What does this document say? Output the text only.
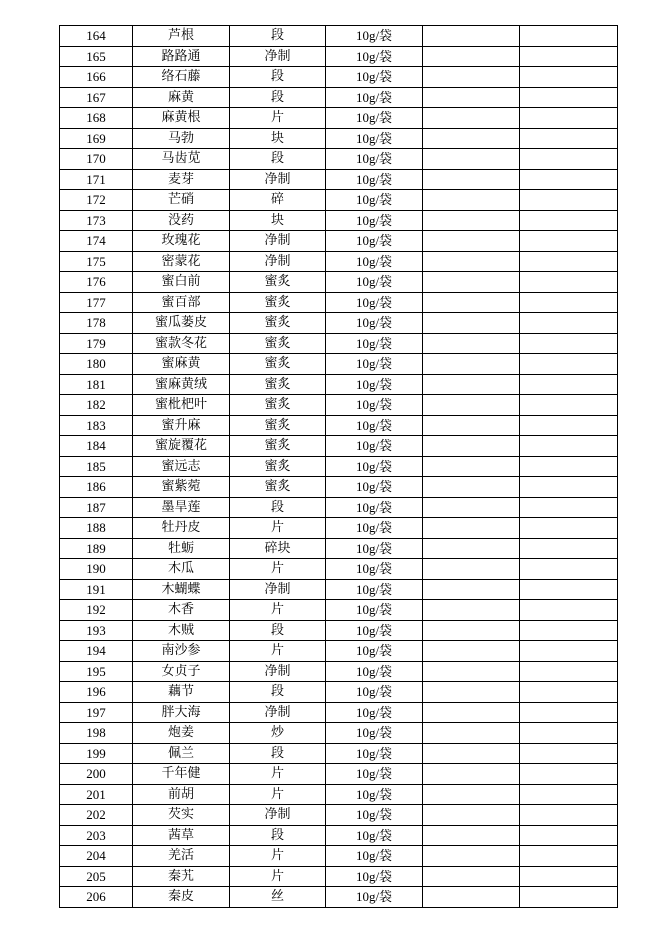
164	芦根	段	10g/袋		
165	路路通	净制	10g/袋		
166	络石藤	段	10g/袋		
167	麻黄	段	10g/袋		
168	麻黄根	片	10g/袋		
169	马勃	块	10g/袋		
170	马齿苋	段	10g/袋		
171	麦芽	净制	10g/袋		
172	芒硝	碎	10g/袋		
173	没药	块	10g/袋		
174	玫瑰花	净制	10g/袋		
175	密蒙花	净制	10g/袋		
176	蜜白前	蜜炙	10g/袋		
177	蜜百部	蜜炙	10g/袋		
178	蜜瓜蒌皮	蜜炙	10g/袋		
179	蜜款冬花	蜜炙	10g/袋		
180	蜜麻黄	蜜炙	10g/袋		
181	蜜麻黄绒	蜜炙	10g/袋		
182	蜜枇杷叶	蜜炙	10g/袋		
183	蜜升麻	蜜炙	10g/袋		
184	蜜旋覆花	蜜炙	10g/袋		
185	蜜远志	蜜炙	10g/袋		
186	蜜紫菀	蜜炙	10g/袋		
187	墨旱莲	段	10g/袋		
188	牡丹皮	片	10g/袋		
189	牡蛎	碎块	10g/袋		
190	木瓜	片	10g/袋		
191	木蝴蝶	净制	10g/袋		
192	木香	片	10g/袋		
193	木贼	段	10g/袋		
194	南沙参	片	10g/袋		
195	女贞子	净制	10g/袋		
196	藕节	段	10g/袋		
197	胖大海	净制	10g/袋		
198	炮姜	炒	10g/袋		
199	佩兰	段	10g/袋		
200	千年健	片	10g/袋		
201	前胡	片	10g/袋		
202	芡实	净制	10g/袋		
203	茜草	段	10g/袋		
204	羌活	片	10g/袋		
205	秦艽	片	10g/袋		
206	秦皮	丝	10g/袋		
